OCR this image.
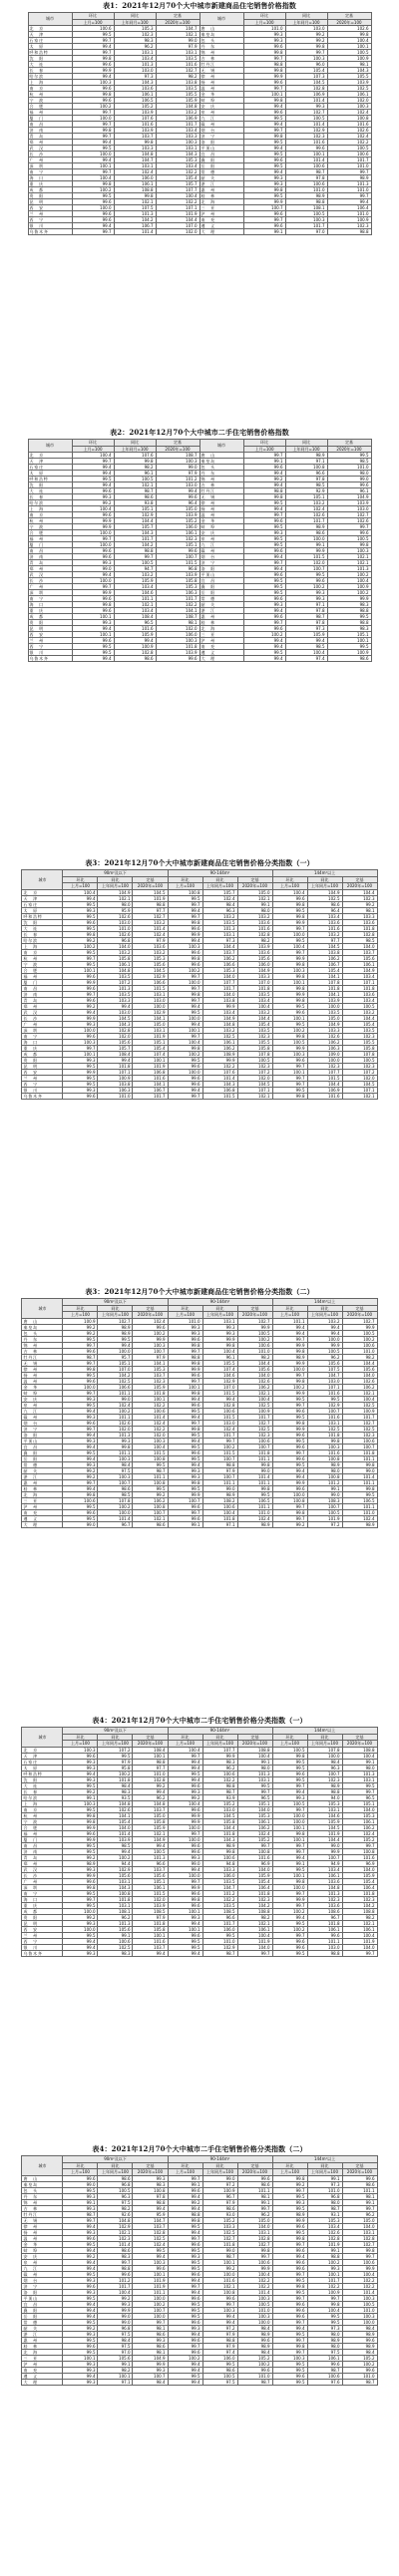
表1：2021年12月70个大中城市新建商品住宅销售价格指数
城市	环比	同比	定基	城市	环比	同比	定基
	上月=100	上年同月=100	2020年=100		上月=100	上年同月=100	2020年=100
北　京	100.6	105.3	104.7	唐　山	101.0	103.0	102.6
天　津	99.5	102.3	102.1	秦皇岛	99.3	99.2	99.8
石家庄	99.7	98.3	99.0	包　头	99.3	99.2	100.4
太　原	99.4	96.2	97.9	丹　东	99.6	99.8	100.1
呼和浩特	99.7	103.1	103.1	锦　州	99.8	99.7	100.5
沈　阳	99.8	103.4	103.5	吉　林	99.7	100.3	100.9
大　连	99.6	101.3	101.6	牡丹江	98.8	96.0	98.1
长　春	99.9	103.0	102.7	无　锡	99.8	105.4	104.3
哈尔滨	99.4	97.3	98.2	徐　州	99.9	107.3	105.5
上　海	100.3	104.3	103.8	扬　州	99.6	104.5	103.9
南　京	99.6	103.6	103.5	温　州	99.7	102.8	102.5
杭　州	99.8	106.1	105.5	金　华	100.1	106.9	106.1
宁　波	99.6	106.5	105.9	蚌　埠	99.8	101.4	102.0
合　肥	100.2	105.2	104.8	安　庆	99.4	99.3	100.3
福　州	99.7	103.9	103.2	泉　州	99.6	102.7	102.4
厦　门	100.0	107.6	106.9	九　江	99.5	100.5	100.8
南　昌	99.7	101.6	101.7	赣　州	99.4	101.4	101.6
济　南	99.8	103.9	103.4	烟　台	99.7	102.9	102.6
青　岛	99.7	103.7	103.3	济　宁	99.8	102.3	102.4
郑　州	99.4	99.8	100.3	洛　阳	99.5	101.6	102.2
武　汉	99.5	103.3	103.1	平顶山	99.4	99.6	100.5
长　沙	100.0	104.8	104.3	宜　昌	99.5	100.1	100.6
广　州	99.4	104.7	105.3	襄　阳	99.6	101.4	101.7
深　圳	100.1	103.1	103.4	岳　阳	99.5	100.6	101.0
南　宁	99.7	102.4	102.2	常　德	99.4	98.7	99.7
海　口	100.4	106.0	105.4	韶　关	99.3	97.8	98.9
重　庆	99.8	106.1	105.7	湛　江	99.3	100.6	101.3
成　都	100.2	108.8	107.7	惠　州	99.8	101.0	101.0
贵　阳	99.5	99.8	100.4	桂　林	99.5	98.9	99.7
昆　明	99.6	102.1	102.2	北　海	99.9	98.8	99.4
西　安	100.0	107.5	107.1	三　亚	100.7	108.1	106.4
兰　州	99.6	101.3	101.9	泸　州	99.6	100.5	101.0
西　宁	99.6	104.2	104.4	南　充	99.7	100.3	100.9
银　川	99.4	106.7	107.0	遵　义	99.6	101.7	102.3
乌鲁木齐	99.7	101.4	102.0	大　理	99.1	97.0	98.8
表2：2021年12月70个大中城市二手住宅销售价格指数
城市	环比	同比	定基	城市	环比	同比	定基
	上月=100	上年同月=100	2020年=100		上月=100	上年同月=100	2020年=100
北　京	100.4	107.6	108.7	唐　山	99.7	98.9	99.5
天　津	99.7	99.8	100.3	秦皇岛	99.1	97.1	98.5
石家庄	99.4	98.2	99.0	包　头	99.6	100.8	101.0
太　原	99.4	96.1	97.9	丹　东	99.4	96.6	98.0
呼和浩特	99.5	100.5	101.2	锦　州	99.2	97.8	99.0
沈　阳	99.4	102.1	103.0	吉　林	99.4	98.5	99.6
大　连	99.6	98.7	99.4	牡丹江	98.8	92.9	96.1
长　春	99.3	98.6	99.6	无　锡	99.8	105.1	104.9
哈尔滨	99.2	93.8	96.4	徐　州	99.5	103.2	103.9
上　海	100.4	105.1	105.0	扬　州	99.4	102.4	103.0
南　京	99.6	102.9	103.9	温　州	99.7	102.6	102.7
杭　州	99.9	104.4	105.2	金　华	99.6	101.7	102.6
宁　波	99.9	105.7	106.0	蚌　埠	99.5	98.9	99.7
合　肥	100.0	104.3	106.1	安　庆	99.3	98.6	99.6
福　州	99.7	101.7	102.3	泉　州	99.5	100.0	100.5
厦　门	100.0	104.2	105.1	九　江	99.5	99.1	99.8
南　昌	99.6	98.8	99.6	赣　州	99.6	99.9	100.3
济　南	99.6	99.7	100.7	烟　台	99.4	101.5	102.1
青　岛	99.3	100.5	101.5	济　宁	99.7	102.0	102.1
郑　州	99.0	94.7	96.8	洛　阳	99.4	100.7	101.3
武　汉	99.4	103.2	103.9	平顶山	99.6	99.5	100.2
长　沙	100.0	105.9	105.8	宜　昌	99.5	99.6	100.4
广　州	99.7	103.4	105.3	襄　阳	99.5	100.2	100.9
深　圳	99.9	104.6	106.3	岳　阳	99.5	99.3	100.2
南　宁	99.6	101.1	101.7	常　德	99.6	99.3	99.9
海　口	99.8	102.1	102.2	韶　关	99.3	97.1	98.3
重　庆	99.6	103.4	104.1	湛　江	99.4	97.8	98.8
成　都	100.1	108.4	108.7	惠　州	99.6	98.7	99.5
贵　阳	99.3	96.5	98.1	桂　林	99.7	97.8	98.8
昆　明	99.4	101.6	102.0	北　海	99.6	97.3	98.3
西　安	100.1	105.9	106.0	三　亚	100.2	105.9	105.1
兰　州	99.6	99.4	100.3	泸　州	99.4	99.4	100.1
西　宁	99.5	100.9	101.8	南　充	99.4	98.5	99.5
银　川	99.5	102.8	103.9	遵　义	99.5	100.4	100.9
乌鲁木齐	99.4	98.6	99.6	大　理	99.4	97.4	98.6
表3：2021年12月70个大中城市新建商品住宅销售价格分类指数（一）
城市	90m²及以下			90-144m²			144m²以上		
	环比	同比	定基	环比	同比	定基	环比	同比	定基
	上月=100	上年同月=100	2020年=100	上月=100	上年同月=100	2020年=100	上月=100	上年同月=100	2020年=100
北　京	100.4	104.9	104.5	100.8	105.7	105.0	100.4	104.9	104.4
天　津	99.4	102.1	101.9	99.5	102.4	102.1	99.6	102.5	102.3
石家庄	99.5	98.0	98.8	99.7	98.4	99.1	99.8	98.6	99.2
太　原	99.3	95.9	97.7	99.4	96.3	98.0	99.5	96.4	98.1
呼和浩特	99.5	102.6	102.7	99.7	103.2	103.2	99.8	103.4	103.3
沈　阳	99.6	103.0	103.2	99.8	103.5	103.6	99.9	103.6	103.6
大　连	99.5	101.0	101.4	99.6	101.3	101.6	99.7	101.6	101.8
长　春	99.8	102.6	102.4	99.9	103.1	102.8	100.0	103.2	102.8
哈尔滨	99.2	96.8	97.9	99.4	97.3	98.2	99.5	97.7	98.5
上　海	100.2	104.0	103.6	100.3	104.4	103.9	100.4	104.5	104.0
南　京	99.5	103.2	103.2	99.6	103.7	103.6	99.7	103.8	103.7
杭　州	99.7	105.8	105.3	99.8	106.2	105.6	99.9	106.2	105.6
宁　波	99.5	106.1	105.6	99.6	106.6	106.0	99.8	106.7	106.1
合　肥	100.1	104.8	104.5	100.2	105.3	104.9	100.3	105.4	104.9
福　州	99.6	103.5	102.9	99.7	104.0	103.3	99.8	104.1	103.4
厦　门	99.9	107.2	106.6	100.0	107.7	107.0	100.1	107.8	107.1
南　昌	99.6	101.3	101.5	99.7	101.7	101.8	99.8	101.8	101.8
济　南	99.7	103.5	103.1	99.8	104.0	103.5	99.9	104.1	103.6
青　岛	99.6	103.3	103.0	99.7	103.8	103.4	99.8	103.9	103.4
郑　州	99.2	99.4	100.0	99.4	99.9	100.4	99.5	100.0	100.5
武　汉	99.4	103.0	102.9	99.5	103.4	103.2	99.6	103.5	103.2
长　沙	99.9	104.5	104.1	100.0	104.9	104.4	100.1	105.0	104.4
广　州	99.3	104.3	105.0	99.4	104.8	105.4	99.5	104.9	105.4
深　圳	100.0	102.8	103.1	100.1	103.2	103.5	100.2	103.3	103.5
南　宁	99.6	102.0	101.9	99.7	102.5	102.3	99.8	102.6	102.3
海　口	100.3	105.6	105.1	100.4	106.1	105.5	100.5	106.2	105.5
重　庆	99.7	105.7	105.4	99.8	106.2	105.8	99.9	106.3	105.8
成　都	100.1	108.4	107.4	100.2	108.9	107.8	100.3	109.0	107.8
贵　阳	99.3	99.4	100.1	99.5	99.9	100.5	99.6	100.0	100.5
昆　明	99.5	101.8	101.9	99.6	102.2	102.3	99.7	102.3	102.3
西　安	99.9	107.1	106.8	100.0	107.6	107.2	100.1	107.7	107.2
兰　州	99.5	100.9	101.6	99.6	101.4	102.0	99.7	101.5	102.0
西　宁	99.5	103.8	104.1	99.6	104.3	104.5	99.7	104.4	104.5
银　川	99.3	106.3	106.7	99.4	106.8	107.1	99.5	106.9	107.1
乌鲁木齐	99.6	101.0	101.7	99.7	101.5	102.1	99.8	101.6	102.1
表3：2021年12月70个大中城市新建商品住宅销售价格分类指数（二）
城市	90m²及以下			90-144m²			144m²以上		
	环比	同比	定基	环比	同比	定基	环比	同比	定基
	上月=100	上年同月=100	2020年=100	上月=100	上年同月=100	2020年=100	上月=100	上年同月=100	2020年=100
唐　山	100.9	102.7	102.4	101.0	103.1	102.7	101.1	103.2	102.7
秦皇岛	99.2	98.9	99.6	99.3	99.3	99.9	99.4	99.4	99.9
包　头	99.2	98.9	100.2	99.3	99.3	100.5	99.4	99.4	100.5
丹　东	99.5	99.5	99.9	99.6	99.9	100.2	99.7	100.0	100.2
锦　州	99.7	99.4	100.3	99.8	99.8	100.6	99.9	99.9	100.6
吉　林	99.6	100.0	100.7	99.7	100.4	101.0	99.8	100.5	101.0
牡丹江	98.7	95.7	97.9	98.8	96.1	98.2	98.9	96.2	98.2
无　锡	99.7	105.1	104.1	99.8	105.5	104.4	99.9	105.6	104.4
徐　州	99.8	107.0	105.3	99.9	107.4	105.6	100.0	107.5	105.6
扬　州	99.5	104.2	103.7	99.6	104.6	104.0	99.7	104.7	104.0
温　州	99.6	102.5	102.3	99.7	102.9	102.6	99.8	103.0	102.6
金　华	100.0	106.6	105.9	100.1	107.0	106.2	100.2	107.1	106.2
蚌　埠	99.7	101.1	101.8	99.8	101.5	102.1	99.9	101.6	102.1
安　庆	99.3	99.0	100.1	99.4	99.4	100.4	99.5	99.5	100.4
泉　州	99.5	102.4	102.2	99.6	102.8	102.5	99.7	102.9	102.5
九　江	99.4	100.2	100.6	99.5	100.6	100.9	99.6	100.7	100.9
赣　州	99.3	101.1	101.4	99.4	101.5	101.7	99.5	101.6	101.7
烟　台	99.6	102.6	102.4	99.7	103.0	102.7	99.8	103.1	102.7
济　宁	99.7	102.0	102.2	99.8	102.4	102.5	99.9	102.5	102.5
洛　阳	99.4	101.3	102.0	99.5	101.7	102.3	99.6	101.8	102.3
平顶山	99.3	99.3	100.3	99.4	99.7	100.6	99.5	99.8	100.6
宜　昌	99.4	99.8	100.4	99.5	100.2	100.7	99.6	100.3	100.7
襄　阳	99.5	101.1	101.5	99.6	101.5	101.8	99.7	101.6	101.8
岳　阳	99.4	100.3	100.8	99.5	100.7	101.1	99.6	100.8	101.1
常　德	99.3	98.4	99.5	99.4	98.8	99.8	99.5	98.9	99.8
韶　关	99.2	97.5	98.7	99.3	97.9	99.0	99.4	98.0	99.0
湛　江	99.2	100.3	101.1	99.3	100.7	101.4	99.4	100.8	101.4
惠　州	99.7	100.7	100.8	99.8	101.1	101.1	99.9	101.2	101.1
桂　林	99.4	98.6	99.5	99.5	99.0	99.8	99.6	99.1	99.8
北　海	99.8	98.5	99.2	99.9	98.9	99.5	100.0	99.0	99.5
三　亚	100.6	107.8	106.2	100.7	108.2	106.5	100.8	108.3	106.5
泸　州	99.5	100.2	100.8	99.6	100.6	101.1	99.7	100.7	101.1
南　充	99.6	100.0	100.7	99.7	100.4	101.0	99.8	100.5	101.0
遵　义	99.5	101.4	102.1	99.6	101.8	102.4	99.7	101.9	102.4
大　理	99.0	96.7	98.6	99.1	97.1	98.9	99.2	97.2	98.9
表4：2021年12月70个大中城市二手住宅销售价格分类指数（一）
城市	90m²及以下			90-144m²			144m²以上		
	环比	同比	定基	环比	同比	定基	环比	同比	定基
	上月=100	上年同月=100	2020年=100	上月=100	上年同月=100	2020年=100	上月=100	上年同月=100	2020年=100
北　京	100.3	107.2	108.4	100.4	107.7	108.8	100.5	107.8	108.8
天　津	99.6	99.5	100.1	99.7	99.9	100.4	99.8	100.0	100.4
石家庄	99.3	97.9	98.8	99.4	98.3	99.1	99.5	98.4	99.1
太　原	99.3	95.8	97.7	99.4	96.2	98.0	99.5	96.3	98.0
呼和浩特	99.4	100.2	101.0	99.5	100.6	101.3	99.6	100.7	101.3
沈　阳	99.3	101.8	102.8	99.4	102.2	103.1	99.5	102.3	103.1
大　连	99.5	98.4	99.2	99.6	98.8	99.5	99.7	98.9	99.5
长　春	99.2	98.3	99.4	99.3	98.7	99.7	99.4	98.8	99.7
哈尔滨	99.1	93.5	96.2	99.2	93.9	96.5	99.3	94.0	96.5
上　海	100.3	104.8	104.8	100.4	105.2	105.1	100.5	105.3	105.1
南　京	99.5	102.6	103.7	99.6	103.0	104.0	99.7	103.1	104.0
杭　州	99.8	104.1	105.0	99.9	104.5	105.3	100.0	104.6	105.3
宁　波	99.8	105.4	105.8	99.9	105.8	106.1	100.0	105.9	106.1
合　肥	99.9	104.0	105.9	100.0	104.4	106.2	100.1	104.5	106.2
福　州	99.6	101.4	102.1	99.7	101.8	102.4	99.8	101.9	102.4
厦　门	99.9	103.9	104.9	100.0	104.3	105.2	100.1	104.4	105.2
南　昌	99.5	98.5	99.4	99.6	98.9	99.7	99.7	99.0	99.7
济　南	99.5	99.4	100.5	99.6	99.8	100.8	99.7	99.9	100.8
青　岛	99.2	100.2	101.3	99.3	100.6	101.6	99.4	100.7	101.6
郑　州	98.9	94.4	96.6	99.0	94.8	96.9	99.1	94.9	96.9
武　汉	99.3	102.9	103.7	99.4	103.3	104.0	99.5	103.4	104.0
长　沙	99.9	105.6	105.6	100.0	106.0	105.9	100.1	106.1	105.9
广　州	99.6	103.1	105.1	99.7	103.5	105.4	99.8	103.6	105.4
深　圳	99.8	104.3	106.1	99.9	104.7	106.4	100.0	104.8	106.4
南　宁	99.5	100.8	101.5	99.6	101.2	101.8	99.7	101.3	101.8
海　口	99.7	101.8	102.0	99.8	102.2	102.3	99.9	102.3	102.3
重　庆	99.5	103.1	103.9	99.6	103.5	104.2	99.7	103.6	104.2
成　都	100.0	108.1	108.5	100.1	108.5	108.8	100.2	108.6	108.8
贵　阳	99.2	96.2	97.9	99.3	96.6	98.2	99.4	96.7	98.2
昆　明	99.3	101.3	101.8	99.4	101.7	102.1	99.5	101.8	102.1
西　安	100.0	105.6	105.8	100.1	106.0	106.1	100.2	106.1	106.1
兰　州	99.5	99.1	100.1	99.6	99.5	100.4	99.7	99.6	100.4
西　宁	99.4	100.6	101.6	99.5	101.0	101.9	99.6	101.1	101.9
银　川	99.4	102.5	103.7	99.5	102.9	104.0	99.6	103.0	104.0
乌鲁木齐	99.3	98.3	99.4	99.4	98.7	99.7	99.5	98.8	99.7
表4：2021年12月70个大中城市二手住宅销售价格分类指数（二）
城市	90m²及以下			90-144m²			144m²以上		
	环比	同比	定基	环比	同比	定基	环比	同比	定基
	上月=100	上年同月=100	2020年=100	上月=100	上年同月=100	2020年=100	上月=100	上年同月=100	2020年=100
唐　山	99.6	98.6	99.3	99.7	99.0	99.6	99.8	99.1	99.6
秦皇岛	99.0	96.8	98.3	99.1	97.2	98.6	99.2	97.3	98.6
包　头	99.5	100.5	100.8	99.6	100.9	101.1	99.7	101.0	101.1
丹　东	99.3	96.3	97.8	99.4	96.7	98.1	99.5	96.8	98.1
锦　州	99.1	97.5	98.8	99.2	97.9	99.1	99.3	98.0	99.1
吉　林	99.3	98.2	99.4	99.4	98.6	99.7	99.5	98.7	99.7
牡丹江	98.7	92.6	95.9	98.8	93.0	96.2	98.9	93.1	96.2
无　锡	99.7	104.8	104.7	99.8	105.2	105.0	99.9	105.3	105.0
徐　州	99.4	102.9	103.7	99.5	103.3	104.0	99.6	103.4	104.0
扬　州	99.3	102.1	102.8	99.4	102.5	103.1	99.5	102.6	103.1
温　州	99.6	102.3	102.5	99.7	102.7	102.8	99.8	102.8	102.8
金　华	99.5	101.4	102.4	99.6	101.8	102.7	99.7	101.9	102.7
蚌　埠	99.4	98.6	99.5	99.5	99.0	99.8	99.6	99.1	99.8
安　庆	99.2	98.3	99.4	99.3	98.7	99.7	99.4	98.8	99.7
泉　州	99.4	99.7	100.3	99.5	100.1	100.6	99.6	100.2	100.6
九　江	99.4	98.8	99.6	99.5	99.2	99.9	99.6	99.3	99.9
赣　州	99.5	99.6	100.1	99.6	100.0	100.4	99.7	100.1	100.4
烟　台	99.3	101.2	101.9	99.4	101.6	102.2	99.5	101.7	102.2
济　宁	99.6	101.7	101.9	99.7	102.1	102.2	99.8	102.2	102.2
洛　阳	99.3	100.4	101.1	99.4	100.8	101.4	99.5	100.9	101.4
平顶山	99.5	99.2	100.0	99.6	99.6	100.3	99.7	99.7	100.3
宜　昌	99.4	99.3	100.2	99.5	99.7	100.5	99.6	99.8	100.5
襄　阳	99.4	99.9	100.7	99.5	100.3	101.0	99.6	100.4	101.0
岳　阳	99.4	99.0	100.0	99.5	99.4	100.3	99.6	99.5	100.3
常　德	99.5	99.0	99.7	99.6	99.4	100.0	99.7	99.5	100.0
韶　关	99.2	96.8	98.1	99.3	97.2	98.4	99.4	97.3	98.4
湛　江	99.3	97.5	98.6	99.4	97.9	98.9	99.5	98.0	98.9
惠　州	99.5	98.4	99.3	99.6	98.8	99.6	99.7	98.9	99.6
桂　林	99.6	97.5	98.6	99.7	97.9	98.9	99.8	98.0	98.9
北　海	99.5	97.0	98.1	99.6	97.4	98.4	99.7	97.5	98.4
三　亚	100.1	105.6	104.9	100.2	106.0	105.2	100.3	106.1	105.2
泸　州	99.3	99.1	99.9	99.4	99.5	100.2	99.5	99.6	100.2
南　充	99.3	98.2	99.3	99.4	98.6	99.6	99.5	98.7	99.6
遵　义	99.4	100.1	100.7	99.5	100.5	101.0	99.6	100.6	101.0
大　理	99.3	97.1	98.4	99.4	97.5	98.7	99.5	97.6	98.7
